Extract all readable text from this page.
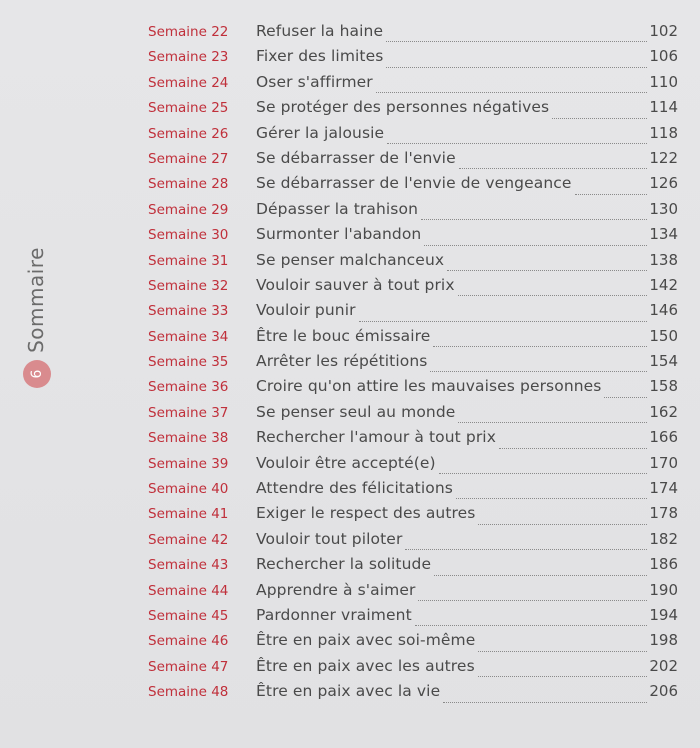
Sommaire
6
Semaine 22	Refuser la haine	102
Semaine 23	Fixer des limites	106
Semaine 24	Oser s'affirmer	110
Semaine 25	Se protéger des personnes négatives	114
Semaine 26	Gérer la jalousie	118
Semaine 27	Se débarrasser de l'envie	122
Semaine 28	Se débarrasser de l'envie de vengeance	126
Semaine 29	Dépasser la trahison	130
Semaine 30	Surmonter l'abandon	134
Semaine 31	Se penser malchanceux	138
Semaine 32	Vouloir sauver à tout prix	142
Semaine 33	Vouloir punir	146
Semaine 34	Être le bouc émissaire	150
Semaine 35	Arrêter les répétitions	154
Semaine 36	Croire qu'on attire les mauvaises personnes	158
Semaine 37	Se penser seul au monde	162
Semaine 38	Rechercher l'amour à tout prix	166
Semaine 39	Vouloir être accepté(e)	170
Semaine 40	Attendre des félicitations	174
Semaine 41	Exiger le respect des autres	178
Semaine 42	Vouloir tout piloter	182
Semaine 43	Rechercher la solitude	186
Semaine 44	Apprendre à s'aimer	190
Semaine 45	Pardonner vraiment	194
Semaine 46	Être en paix avec soi-même	198
Semaine 47	Être en paix avec les autres	202
Semaine 48	Être en paix avec la vie	206
